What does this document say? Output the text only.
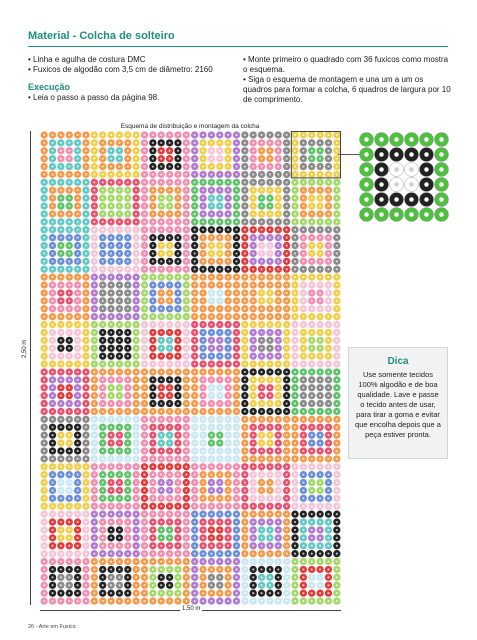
Material - Colcha de solteiro

• Linha e agulha de costura DMC

• Fuxicos de algodão com 3,5 cm de diâmetro: 2160

Execução

• Leia o passo a passo da página 98.

• Monte primeiro o quadrado com 36 fuxicos como mostra o esquema.

• Siga o esquema de montagem e una um a um os quadros para formar a colcha, 6 quadros de largura por 10 de comprimento.

Esquema de distribuição e montagem da colcha
2,50 m
1,50 m
Dica
Use somente tecidos 100% algodão e de boa qualidade. Lave e passe o tecido antes de usar, para tirar a goma e evitar que encolha depois que a peça estiver pronta.
26 - Arte em Fuxico
